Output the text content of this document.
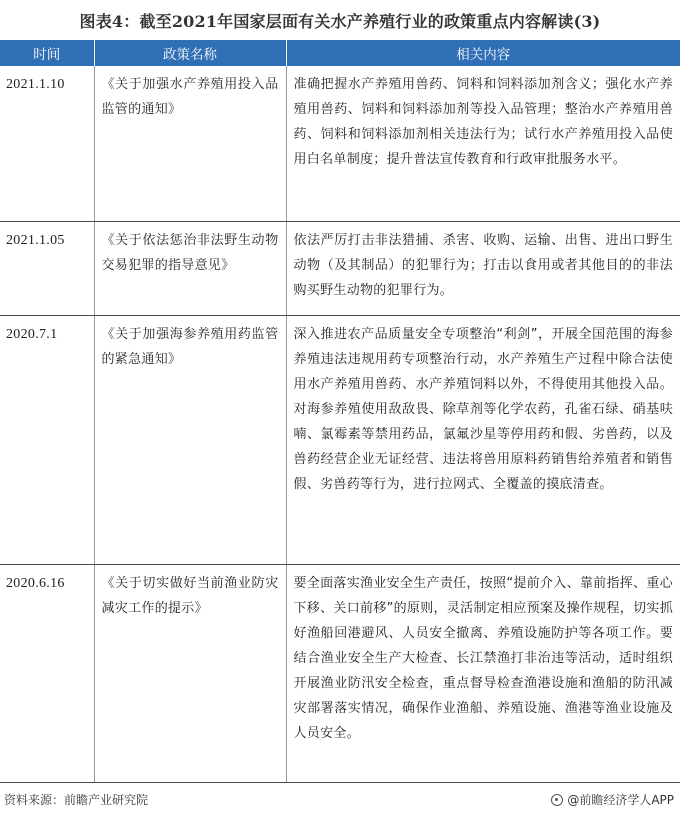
图表4：截至2021年国家层面有关水产养殖行业的政策重点内容解读(3)
时间	政策名称	相关内容
2021.1.10	《关于加强水产养殖用投入品监管的通知》	准确把握水产养殖用兽药、饲料和饲料添加剂含义；强化水产养殖用兽药、饲料和饲料添加剂等投入品管理；整治水产养殖用兽药、饲料和饲料添加剂相关违法行为；试行水产养殖用投入品使用白名单制度；提升普法宣传教育和行政审批服务水平。
2021.1.05	《关于依法惩治非法野生动物交易犯罪的指导意见》	依法严厉打击非法猎捕、杀害、收购、运输、出售、进出口野生动物（及其制品）的犯罪行为；打击以食用或者其他目的的非法购买野生动物的犯罪行为。
2020.7.1	《关于加强海参养殖用药监管的紧急通知》	深入推进农产品质量安全专项整治“利剑”，开展全国范围的海参养殖违法违规用药专项整治行动，水产养殖生产过程中除合法使用水产养殖用兽药、水产养殖饲料以外，不得使用其他投入品。对海参养殖使用敌敌畏、除草剂等化学农药，孔雀石绿、硝基呋喃、氯霉素等禁用药品，氯氟沙星等停用药和假、劣兽药，以及兽药经营企业无证经营、违法将兽用原料药销售给养殖者和销售假、劣兽药等行为，进行拉网式、全覆盖的摸底清查。
2020.6.16	《关于切实做好当前渔业防灾减灾工作的提示》	要全面落实渔业安全生产责任，按照“提前介入、靠前指挥、重心下移、关口前移”的原则，灵活制定相应预案及操作规程，切实抓好渔船回港避风、人员安全撤离、养殖设施防护等各项工作。要结合渔业安全生产大检查、长江禁渔打非治违等活动，适时组织开展渔业防汛安全检查，重点督导检查渔港设施和渔船的防汛减灾部署落实情况，确保作业渔船、养殖设施、渔港等渔业设施及人员安全。
资料来源：前瞻产业研究院	@前瞻经济学人APP
